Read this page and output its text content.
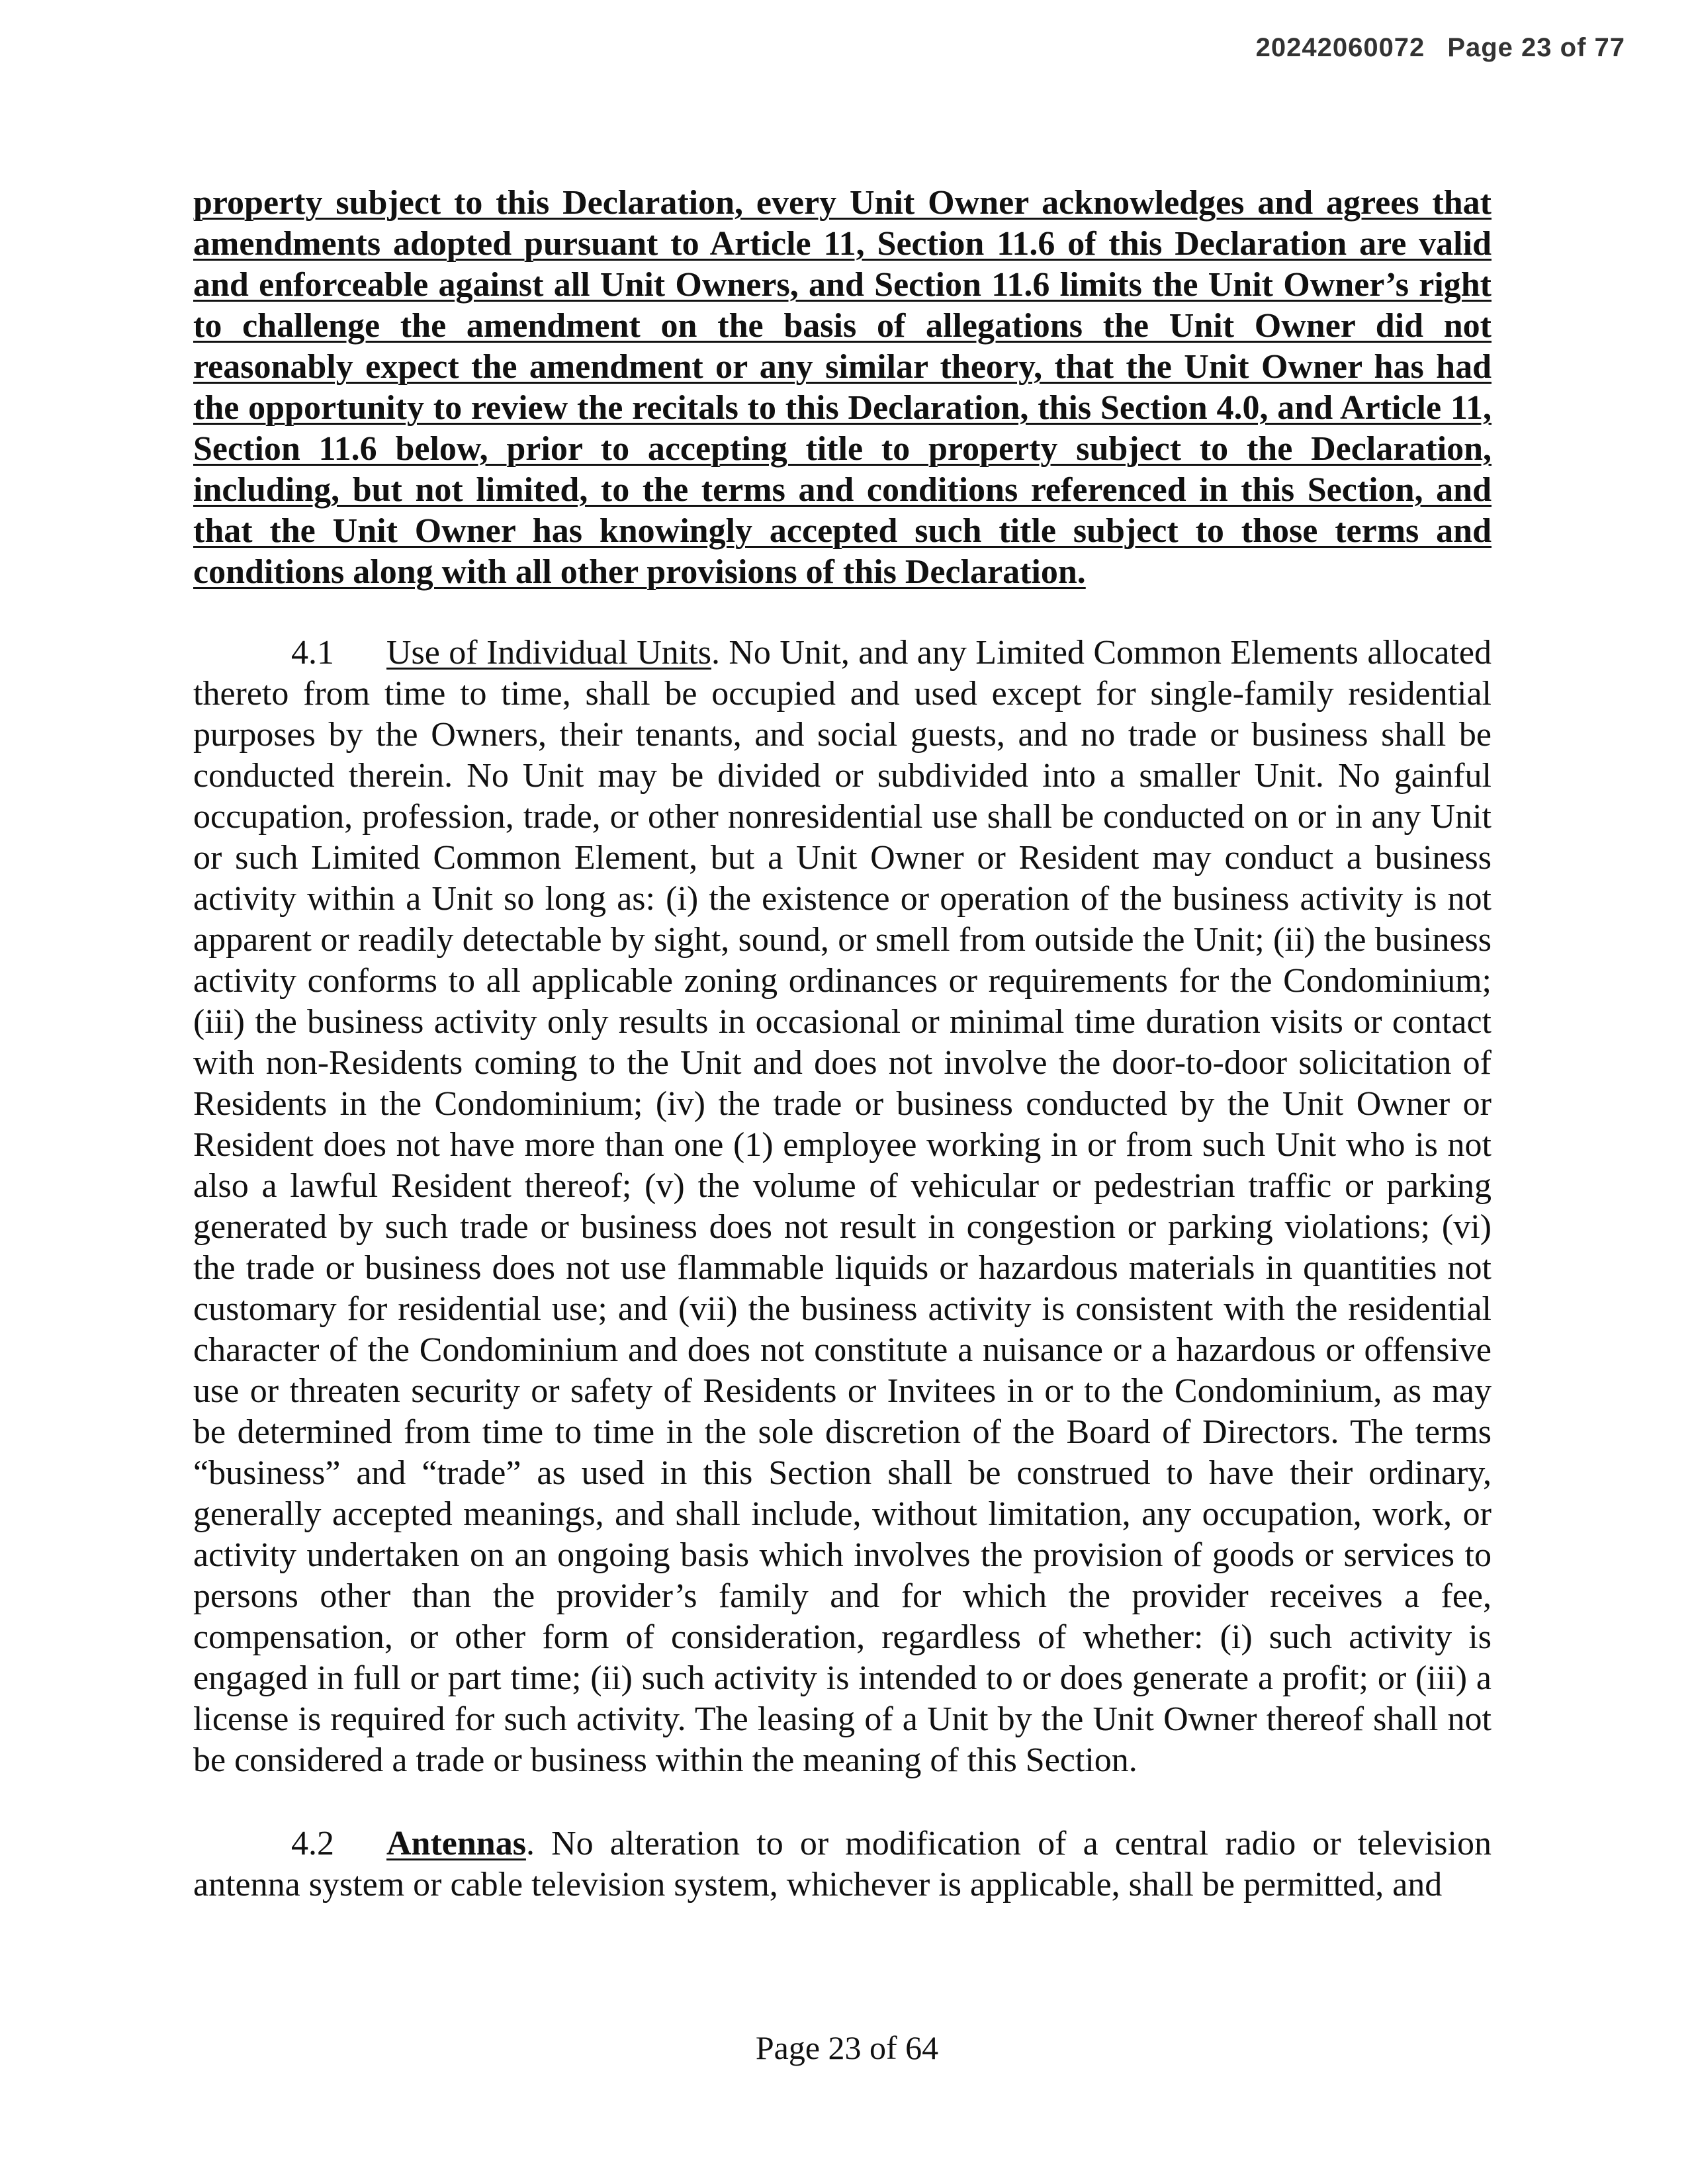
20242060072 Page 23 of 77

property subject to this Declaration, every Unit Owner acknowledges and agrees that amendments adopted pursuant to Article 11, Section 11.6 of this Declaration are valid and enforceable against all Unit Owners, and Section 11.6 limits the Unit Owner’s right to challenge the amendment on the basis of allegations the Unit Owner did not reasonably expect the amendment or any similar theory, that the Unit Owner has had the opportunity to review the recitals to this Declaration, this Section 4.0, and Article 11, Section 11.6 below, prior to accepting title to property subject to the Declaration, including, but not limited, to the terms and conditions referenced in this Section, and that the Unit Owner has knowingly accepted such title subject to those terms and conditions along with all other provisions of this Declaration.

4.1 Use of Individual Units. No Unit, and any Limited Common Elements allocated thereto from time to time, shall be occupied and used except for single-family residential purposes by the Owners, their tenants, and social guests, and no trade or business shall be conducted therein. No Unit may be divided or subdivided into a smaller Unit. No gainful occupation, profession, trade, or other nonresidential use shall be conducted on or in any Unit or such Limited Common Element, but a Unit Owner or Resident may conduct a business activity within a Unit so long as: (i) the existence or operation of the business activity is not apparent or readily detectable by sight, sound, or smell from outside the Unit; (ii) the business activity conforms to all applicable zoning ordinances or requirements for the Condominium; (iii) the business activity only results in occasional or minimal time duration visits or contact with non-Residents coming to the Unit and does not involve the door-to-door solicitation of Residents in the Condominium; (iv) the trade or business conducted by the Unit Owner or Resident does not have more than one (1) employee working in or from such Unit who is not also a lawful Resident thereof; (v) the volume of vehicular or pedestrian traffic or parking generated by such trade or business does not result in congestion or parking violations; (vi) the trade or business does not use flammable liquids or hazardous materials in quantities not customary for residential use; and (vii) the business activity is consistent with the residential character of the Condominium and does not constitute a nuisance or a hazardous or offensive use or threaten security or safety of Residents or Invitees in or to the Condominium, as may be determined from time to time in the sole discretion of the Board of Directors. The terms “business” and “trade” as used in this Section shall be construed to have their ordinary, generally accepted meanings, and shall include, without limitation, any occupation, work, or activity undertaken on an ongoing basis which involves the provision of goods or services to persons other than the provider’s family and for which the provider receives a fee, compensation, or other form of consideration, regardless of whether: (i) such activity is engaged in full or part time; (ii) such activity is intended to or does generate a profit; or (iii) a license is required for such activity. The leasing of a Unit by the Unit Owner thereof shall not be considered a trade or business within the meaning of this Section.

4.2 Antennas. No alteration to or modification of a central radio or television antenna system or cable television system, whichever is applicable, shall be permitted, and

Page 23 of 64
